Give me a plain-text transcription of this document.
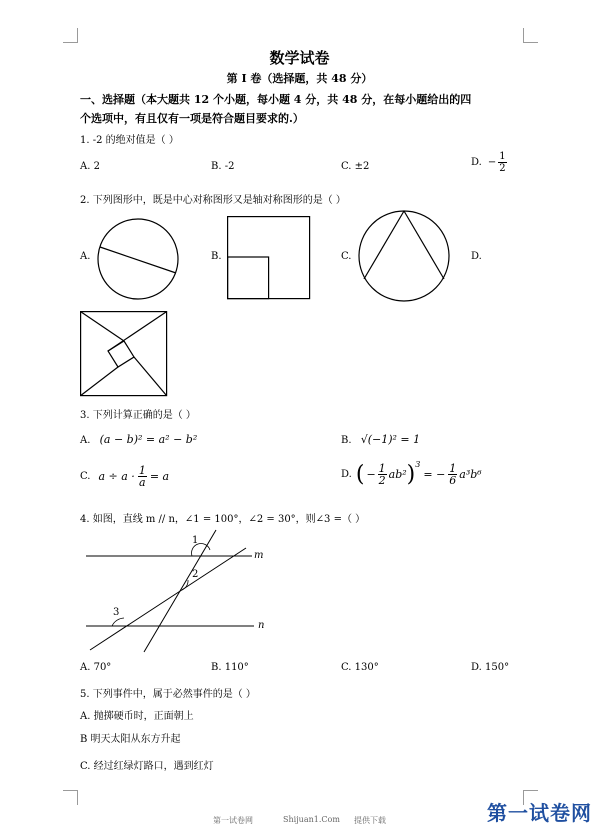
数学试卷
第 I 卷（选择题，共 48 分）
一、选择题（本大题共 12 个小题，每小题 4 分，共 48 分，在每小题给出的四
个选项中，有且仅有一项是符合题目要求的.）
1. -2 的绝对值是（ ）
A. 2	B. -2	C. ±2	D. − $\frac{1}{2}$
2. 下列图形中，既是中心对称图形又是轴对称图形的是（ ）
A.	B.	C.	D.
3. 下列计算正确的是（ ）
A. (a − b)² = a² − b²	B. √(−1)² = 1
C. $a \div a \cdot \frac{1}{a} = a$	D. ( − $\frac{1}{2} ab^2$ ) 3
= − $\frac{1}{6} a^3b^6$
4. 如图，直线 m // n，∠1 = 100°，∠2 = 30°，则∠3 =（ ）
1
2
3
m
n
A. 70°	B. 110°	C. 130°	D. 150°
5. 下列事件中，属于必然事件的是（ ）
A. 抛掷硬币时，正面朝上
B 明天太阳从东方升起
C. 经过红绿灯路口，遇到红灯
第一试卷网	Shijuan1.Com 提供下载	第一试卷网
